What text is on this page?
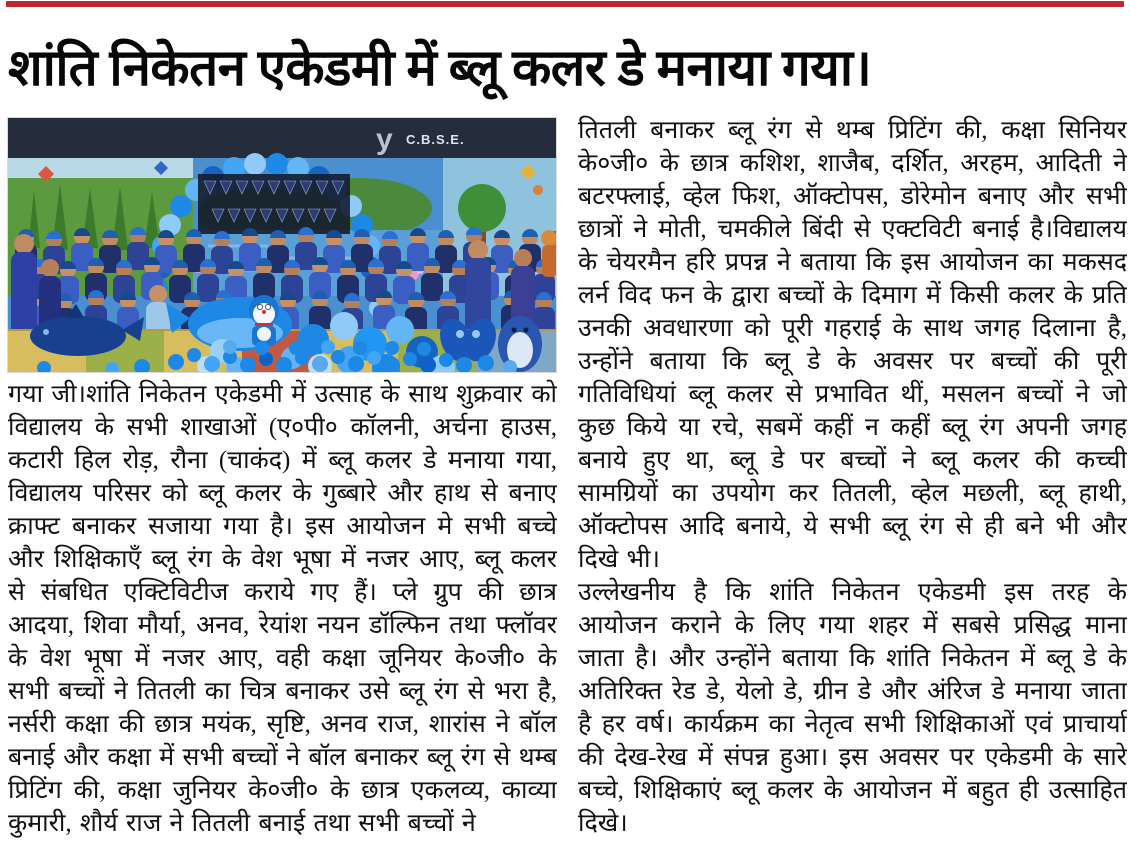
शांति निकेतन एकेडमी में ब्लू कलर डे मनाया गया।
y C.B.S.E.

गया जी।शांति निकेतन एकेडमी में उत्साह के साथ शुक्रवार को विद्यालय के सभी शाखाओं (ए०पी० कॉलनी, अर्चना हाउस, कटारी हिल रोड़, रौना (चाकंद) में ब्लू कलर डे मनाया गया, विद्यालय परिसर को ब्लू कलर के गुब्बारे और हाथ से बनाए क्राफ्ट बनाकर सजाया गया है। इस आयोजन मे सभी बच्चे और शिक्षिकाएँ ब्लू रंग के वेश भूषा में नजर आए, ब्लू कलर से संबधित एक्टिविटीज कराये गए हैं। प्ले ग्रुप की छात्र आदया, शिवा मौर्या, अनव, रेयांश नयन डॉल्फिन तथा फ्लॉवर के वेश भूषा में नजर आए, वही कक्षा जूनियर के०जी० के सभी बच्चों ने तितली का चित्र बनाकर उसे ब्लू रंग से भरा है, नर्सरी कक्षा की छात्र मयंक, सृष्टि, अनव राज, शारांस ने बॉल बनाई और कक्षा में सभी बच्चों ने बॉल बनाकर ब्लू रंग से थम्ब प्रिटिंग की, कक्षा जुनियर के०जी० के छात्र एकलव्य, काव्या कुमारी, शौर्य राज ने तितली बनाई तथा सभी बच्चों ने

तितली बनाकर ब्लू रंग से थम्ब प्रिटिंग की, कक्षा सिनियर के०जी० के छात्र कशिश, शाजैब, दर्शित, अरहम, आदिती ने बटरफ्लाई, व्हेल फिश, ऑक्टोपस, डोरेमोन बनाए और सभी छात्रों ने मोती, चमकीले बिंदी से एक्टविटी बनाई है।विद्यालय के चेयरमैन हरि प्रपन्न ने बताया कि इस आयोजन का मकसद लर्न विद फन के द्वारा बच्चों के दिमाग में किसी कलर के प्रति उनकी अवधारणा को पूरी गहराई के साथ जगह दिलाना है, उन्होंने बताया कि ब्लू डे के अवसर पर बच्चों की पूरी गतिविधियां ब्लू कलर से प्रभावित थीं, मसलन बच्चों ने जो कुछ किये या रचे, सबमें कहीं न कहीं ब्लू रंग अपनी जगह बनाये हुए था, ब्लू डे पर बच्चों ने ब्लू कलर की कच्ची सामग्रियों का उपयोग कर तितली, व्हेल मछली, ब्लू हाथी, ऑक्टोपस आदि बनाये, ये सभी ब्लू रंग से ही बने भी और दिखे भी।

उल्लेखनीय है कि शांति निकेतन एकेडमी इस तरह के आयोजन कराने के लिए गया शहर में सबसे प्रसिद्ध माना जाता है। और उन्होंने बताया कि शांति निकेतन में ब्लू डे के अतिरिक्त रेड डे, येलो डे, ग्रीन डे और अंरिज डे मनाया जाता है हर वर्ष। कार्यक्रम का नेतृत्व सभी शिक्षिकाओं एवं प्राचार्या की देख-रेख में संपन्न हुआ। इस अवसर पर एकेडमी के सारे बच्चे, शिक्षिकाएं ब्लू कलर के आयोजन में बहुत ही उत्साहित दिखे।
